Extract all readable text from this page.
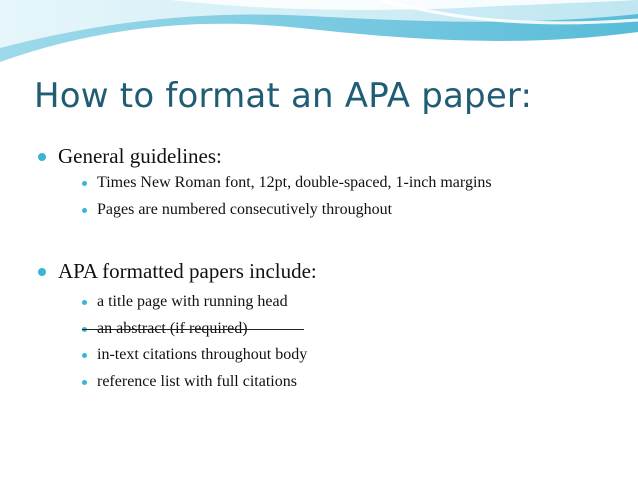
How to format an APA paper:
General guidelines:
Times New Roman font, 12pt, double-spaced, 1-inch margins
Pages are numbered consecutively throughout
APA formatted papers include:
a title page with running head
an abstract (if required)
in-text citations throughout body
reference list with full citations
